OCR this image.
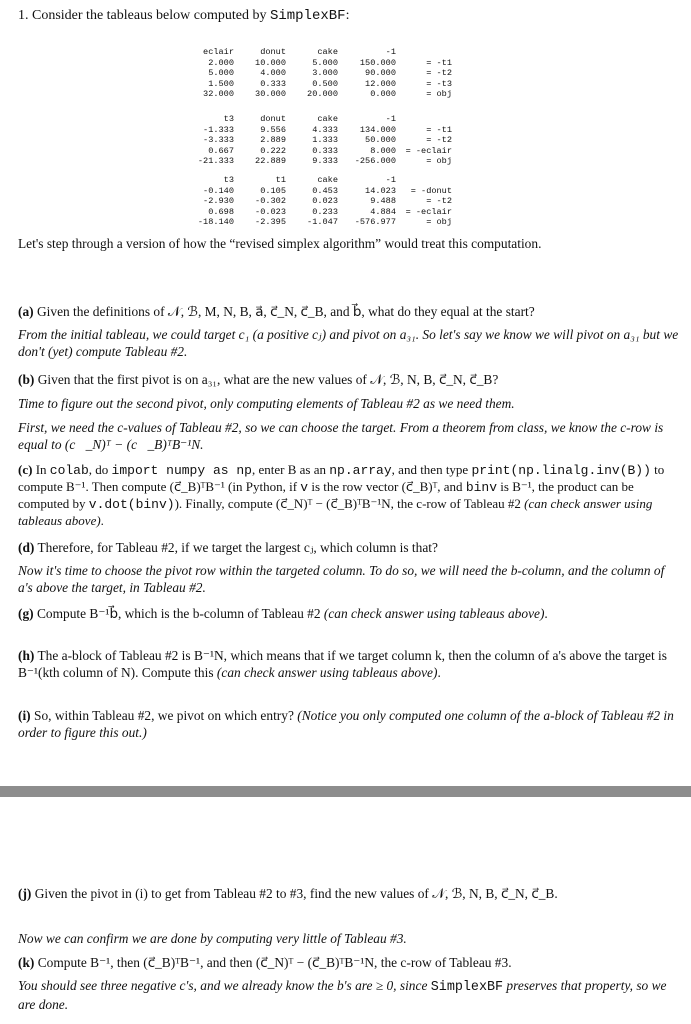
1. Consider the tableaus below computed by SimplexBF:
eclair	donut	cake	-1	
2.000	10.000	5.000	150.000	= -t1
5.000	4.000	3.000	90.000	= -t2
1.500	0.333	0.500	12.000	= -t3
32.000	30.000	20.000	0.000	= obj
t3	donut	cake	-1	
-1.333	9.556	4.333	134.000	= -t1
-3.333	2.889	1.333	50.000	= -t2
0.667	0.222	0.333	8.000	= -eclair
-21.333	22.889	9.333	-256.000	= obj
t3	t1	cake	-1	
-0.140	0.105	0.453	14.023	= -donut
-2.930	-0.302	0.023	9.488	= -t2
0.698	-0.023	0.233	4.884	= -eclair
-18.140	-2.395	-1.047	-576.977	= obj

Let's step through a version of how the “revised simplex algorithm” would treat this computation.

(a) Given the definitions of 𝒩, ℬ, M, N, B, a⃗, c⃗_N, c⃗_B, and b⃗, what do they equal at the start?

From the initial tableau, we could target c₁ (a positive cⱼ) and pivot on a₃₁. So let's say we know we will pivot on a₃₁ but we don't (yet) compute Tableau #2.

(b) Given that the first pivot is on a₃₁, what are the new values of 𝒩, ℬ, N, B, c⃗_N, c⃗_B?

Time to figure out the second pivot, only computing elements of Tableau #2 as we need them.

First, we need the c-values of Tableau #2, so we can choose the target. From a theorem from class, we know the c-row is equal to (c⃗_N)ᵀ − (c⃗_B)ᵀB⁻¹N.

(c) In colab, do import numpy as np, enter B as an np.array, and then type print(np.linalg.inv(B)) to compute B⁻¹. Then compute (c⃗_B)ᵀB⁻¹ (in Python, if v is the row vector (c⃗_B)ᵀ, and binv is B⁻¹, the product can be computed by v.dot(binv)). Finally, compute (c⃗_N)ᵀ − (c⃗_B)ᵀB⁻¹N, the c-row of Tableau #2 (can check answer using tableaus above).

(d) Therefore, for Tableau #2, if we target the largest cⱼ, which column is that?

Now it's time to choose the pivot row within the targeted column. To do so, we will need the b-column, and the column of a's above the target, in Tableau #2.

(g) Compute B⁻¹b⃗, which is the b-column of Tableau #2 (can check answer using tableaus above).

(h) The a-block of Tableau #2 is B⁻¹N, which means that if we target column k, then the column of a's above the target is B⁻¹(kth column of N). Compute this (can check answer using tableaus above).

(i) So, within Tableau #2, we pivot on which entry? (Notice you only computed one column of the a-block of Tableau #2 in order to figure this out.)

(j) Given the pivot in (i) to get from Tableau #2 to #3, find the new values of 𝒩, ℬ, N, B, c⃗_N, c⃗_B.

Now we can confirm we are done by computing very little of Tableau #3.

(k) Compute B⁻¹, then (c⃗_B)ᵀB⁻¹, and then (c⃗_N)ᵀ − (c⃗_B)ᵀB⁻¹N, the c-row of Tableau #3.

You should see three negative c's, and we already know the b's are ≥ 0, since SimplexBF preserves that property, so we are done.
